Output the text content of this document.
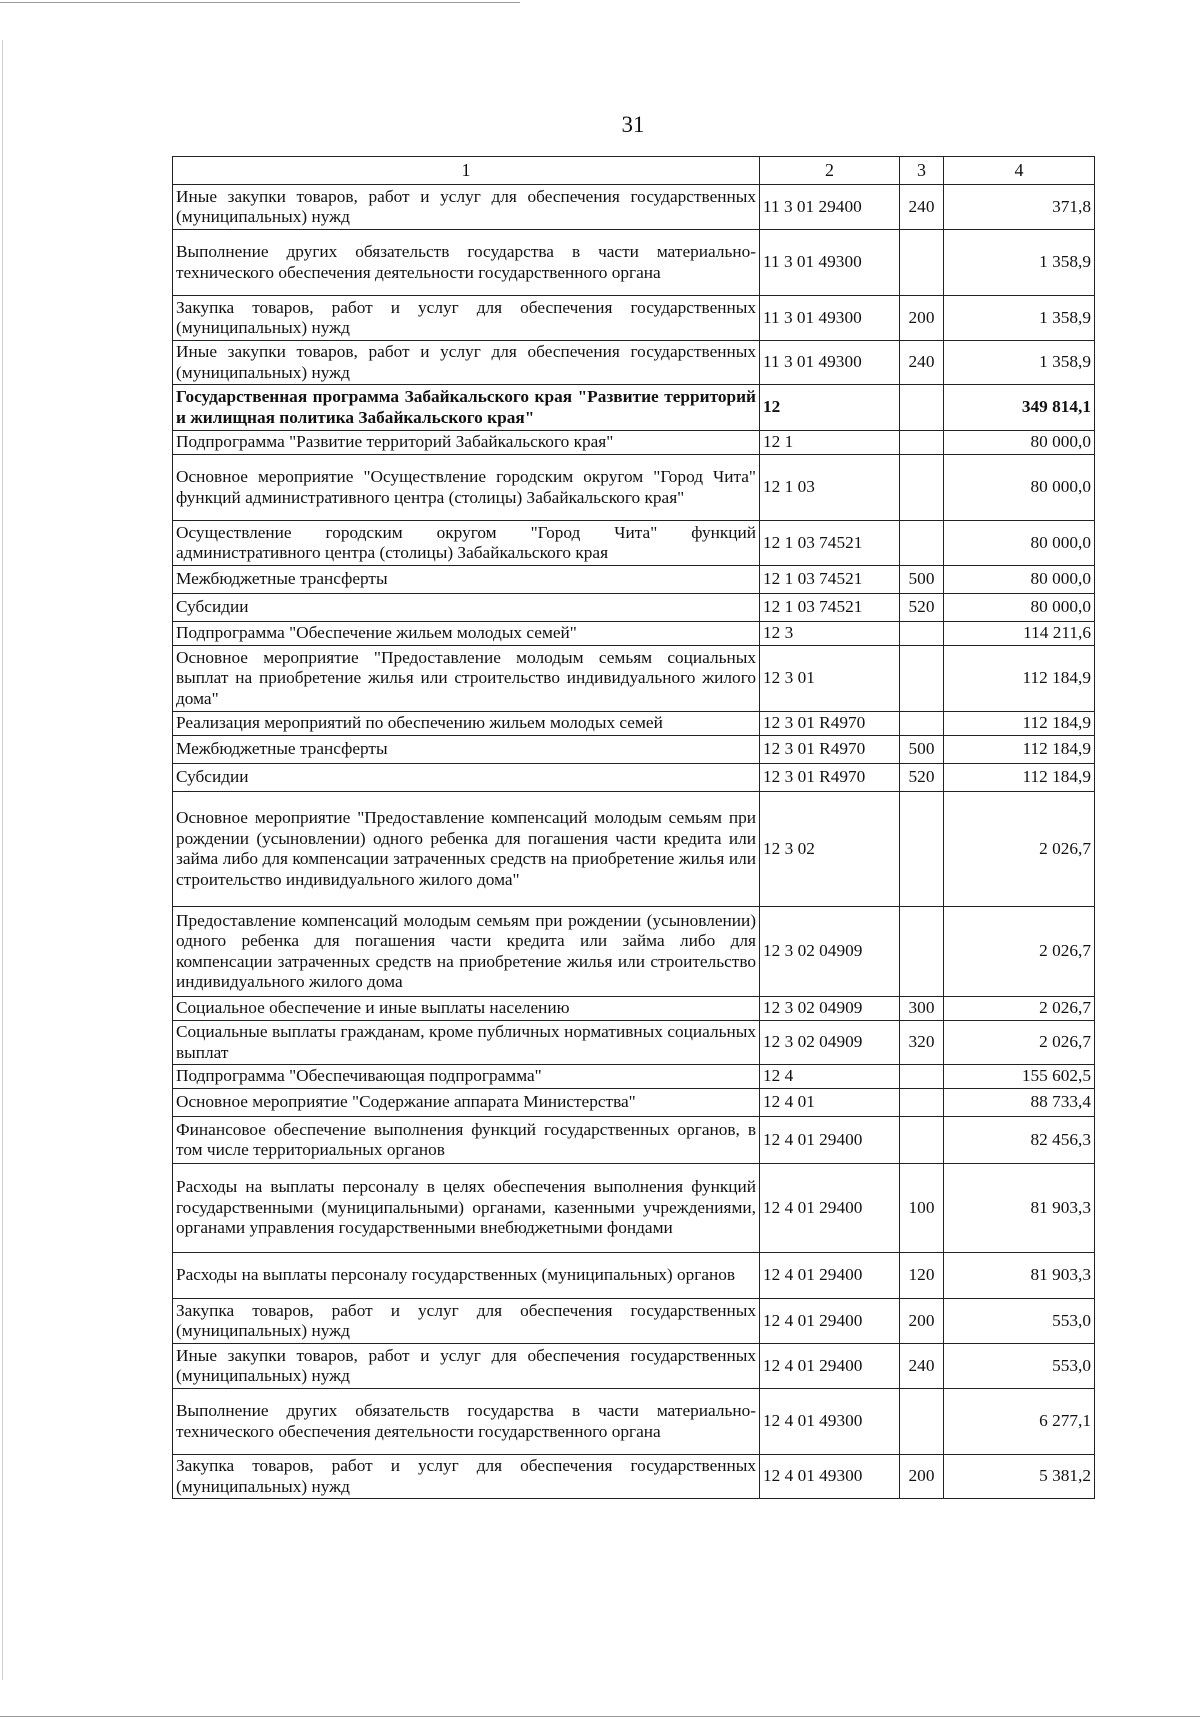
31
1	2	3	4
Иные закупки товаров, работ и услуг для обеспечения государственных (муниципальных) нужд	11 3 01 29400	240	371,8
Выполнение других обязательств государства в части материально-технического обеспечения деятельности государственного органа	11 3 01 49300		1 358,9
Закупка товаров, работ и услуг для обеспечения государственных (муниципальных) нужд	11 3 01 49300	200	1 358,9
Иные закупки товаров, работ и услуг для обеспечения государственных (муниципальных) нужд	11 3 01 49300	240	1 358,9
Государственная программа Забайкальского края "Развитие территорий и жилищная политика Забайкальского края"	12		349 814,1
Подпрограмма "Развитие территорий Забайкальского края"	12 1		80 000,0
Основное мероприятие "Осуществление городским округом "Город Чита" функций административного центра (столицы) Забайкальского края"	12 1 03		80 000,0
Осуществление городским округом "Город Чита" функций административного центра (столицы) Забайкальского края	12 1 03 74521		80 000,0
Межбюджетные трансферты	12 1 03 74521	500	80 000,0
Субсидии	12 1 03 74521	520	80 000,0
Подпрограмма "Обеспечение жильем молодых семей"	12 3		114 211,6
Основное мероприятие "Предоставление молодым семьям социальных выплат на приобретение жилья или строительство индивидуального жилого дома"	12 3 01		112 184,9
Реализация мероприятий по обеспечению жильем молодых семей	12 3 01 R4970		112 184,9
Межбюджетные трансферты	12 3 01 R4970	500	112 184,9
Субсидии	12 3 01 R4970	520	112 184,9
Основное мероприятие "Предоставление компенсаций молодым семьям при рождении (усыновлении) одного ребенка для погашения части кредита или займа либо для компенсации затраченных средств на приобретение жилья или строительство индивидуального жилого дома"	12 3 02		2 026,7
Предоставление компенсаций молодым семьям при рождении (усыновлении) одного ребенка для погашения части кредита или займа либо для компенсации затраченных средств на приобретение жилья или строительство индивидуального жилого дома	12 3 02 04909		2 026,7
Социальное обеспечение и иные выплаты населению	12 3 02 04909	300	2 026,7
Социальные выплаты гражданам, кроме публичных нормативных социальных выплат	12 3 02 04909	320	2 026,7
Подпрограмма "Обеспечивающая подпрограмма"	12 4		155 602,5
Основное мероприятие "Содержание аппарата Министерства"	12 4 01		88 733,4
Финансовое обеспечение выполнения функций государственных органов, в том числе территориальных органов	12 4 01 29400		82 456,3
Расходы на выплаты персоналу в целях обеспечения выполнения функций государственными (муниципальными) органами, казенными учреждениями, органами управления государственными внебюджетными фондами	12 4 01 29400	100	81 903,3
Расходы на выплаты персоналу государственных (муниципальных) органов	12 4 01 29400	120	81 903,3
Закупка товаров, работ и услуг для обеспечения государственных (муниципальных) нужд	12 4 01 29400	200	553,0
Иные закупки товаров, работ и услуг для обеспечения государственных (муниципальных) нужд	12 4 01 29400	240	553,0
Выполнение других обязательств государства в части материально-технического обеспечения деятельности государственного органа	12 4 01 49300		6 277,1
Закупка товаров, работ и услуг для обеспечения государственных (муниципальных) нужд	12 4 01 49300	200	5 381,2
